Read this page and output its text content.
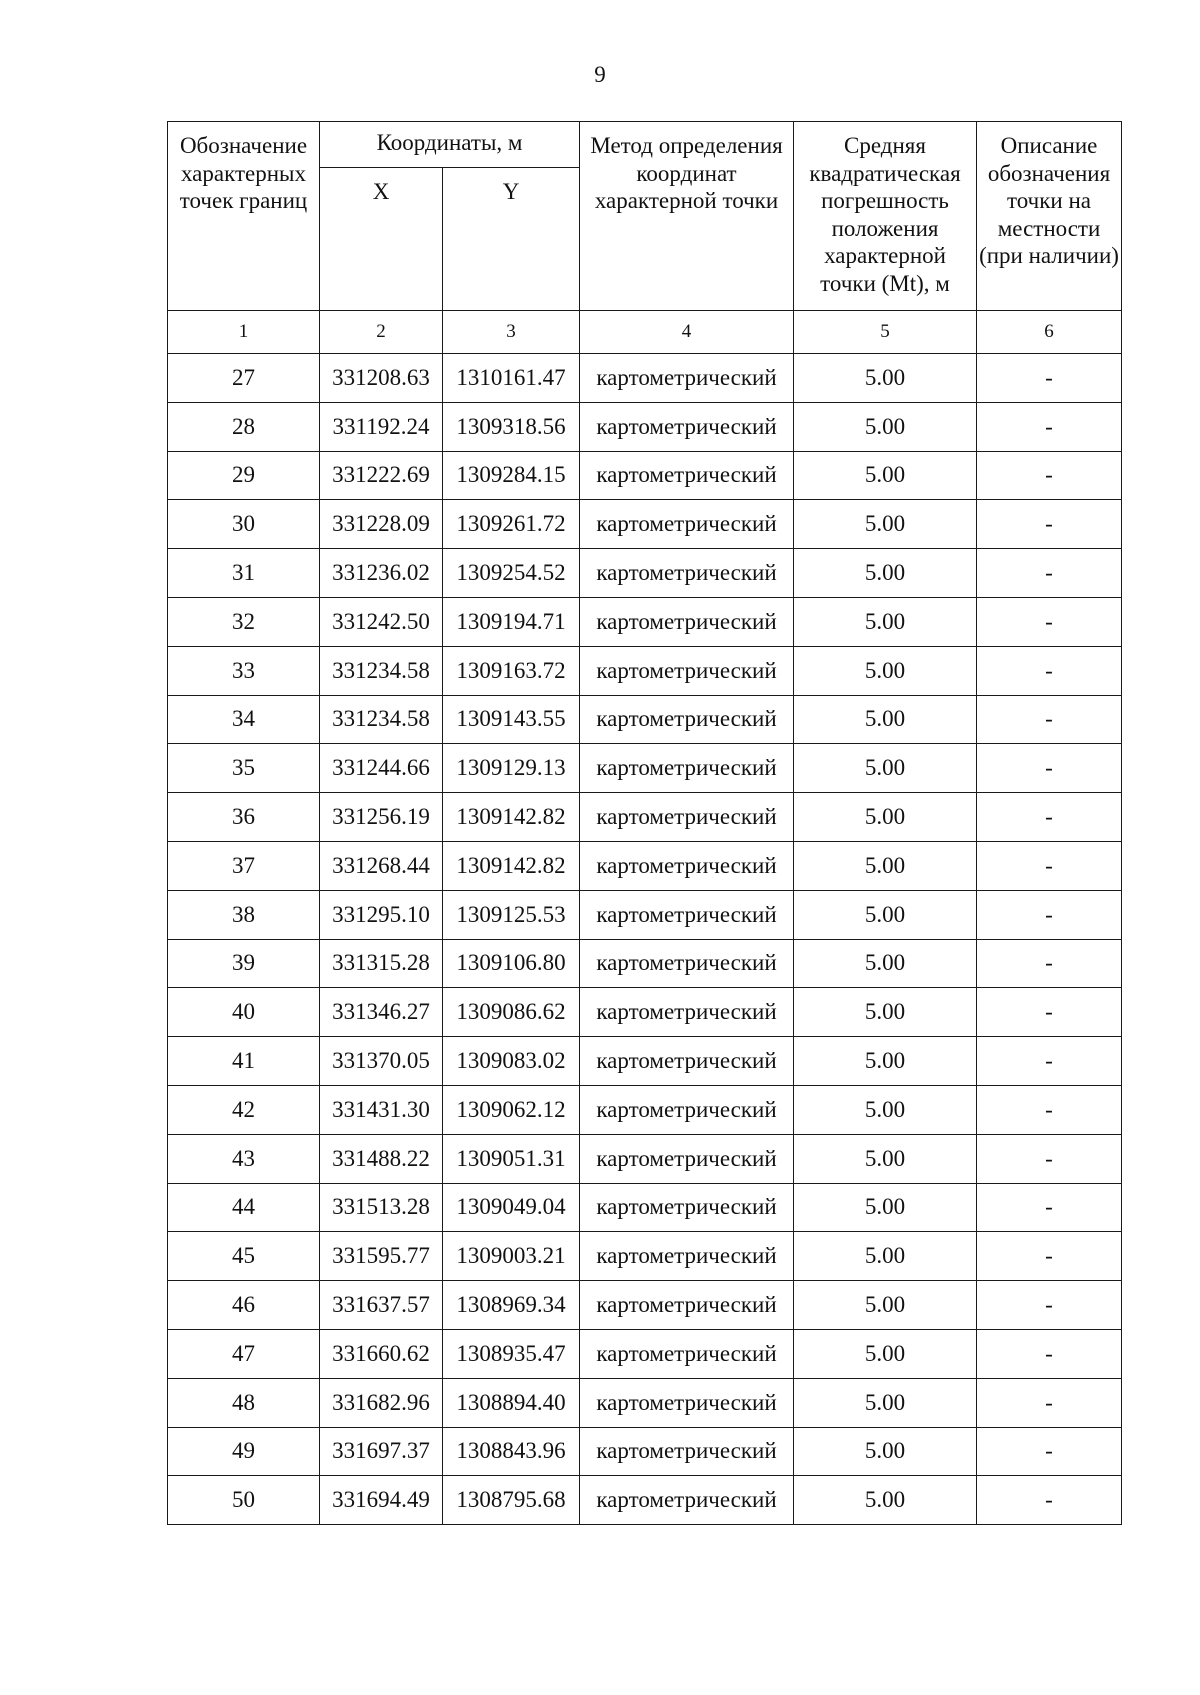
9
Обозначение характерных точек границ	Координаты, м		Метод определения координат характерной точки	Средняя квадратическая погрешность положения характерной точки (Mt), м	Описание обозначения точки на местности (при наличии)
	X	Y			
1	2	3	4	5	6
27	331208.63	1310161.47	картометрический	5.00	-
28	331192.24	1309318.56	картометрический	5.00	-
29	331222.69	1309284.15	картометрический	5.00	-
30	331228.09	1309261.72	картометрический	5.00	-
31	331236.02	1309254.52	картометрический	5.00	-
32	331242.50	1309194.71	картометрический	5.00	-
33	331234.58	1309163.72	картометрический	5.00	-
34	331234.58	1309143.55	картометрический	5.00	-
35	331244.66	1309129.13	картометрический	5.00	-
36	331256.19	1309142.82	картометрический	5.00	-
37	331268.44	1309142.82	картометрический	5.00	-
38	331295.10	1309125.53	картометрический	5.00	-
39	331315.28	1309106.80	картометрический	5.00	-
40	331346.27	1309086.62	картометрический	5.00	-
41	331370.05	1309083.02	картометрический	5.00	-
42	331431.30	1309062.12	картометрический	5.00	-
43	331488.22	1309051.31	картометрический	5.00	-
44	331513.28	1309049.04	картометрический	5.00	-
45	331595.77	1309003.21	картометрический	5.00	-
46	331637.57	1308969.34	картометрический	5.00	-
47	331660.62	1308935.47	картометрический	5.00	-
48	331682.96	1308894.40	картометрический	5.00	-
49	331697.37	1308843.96	картометрический	5.00	-
50	331694.49	1308795.68	картометрический	5.00	-
